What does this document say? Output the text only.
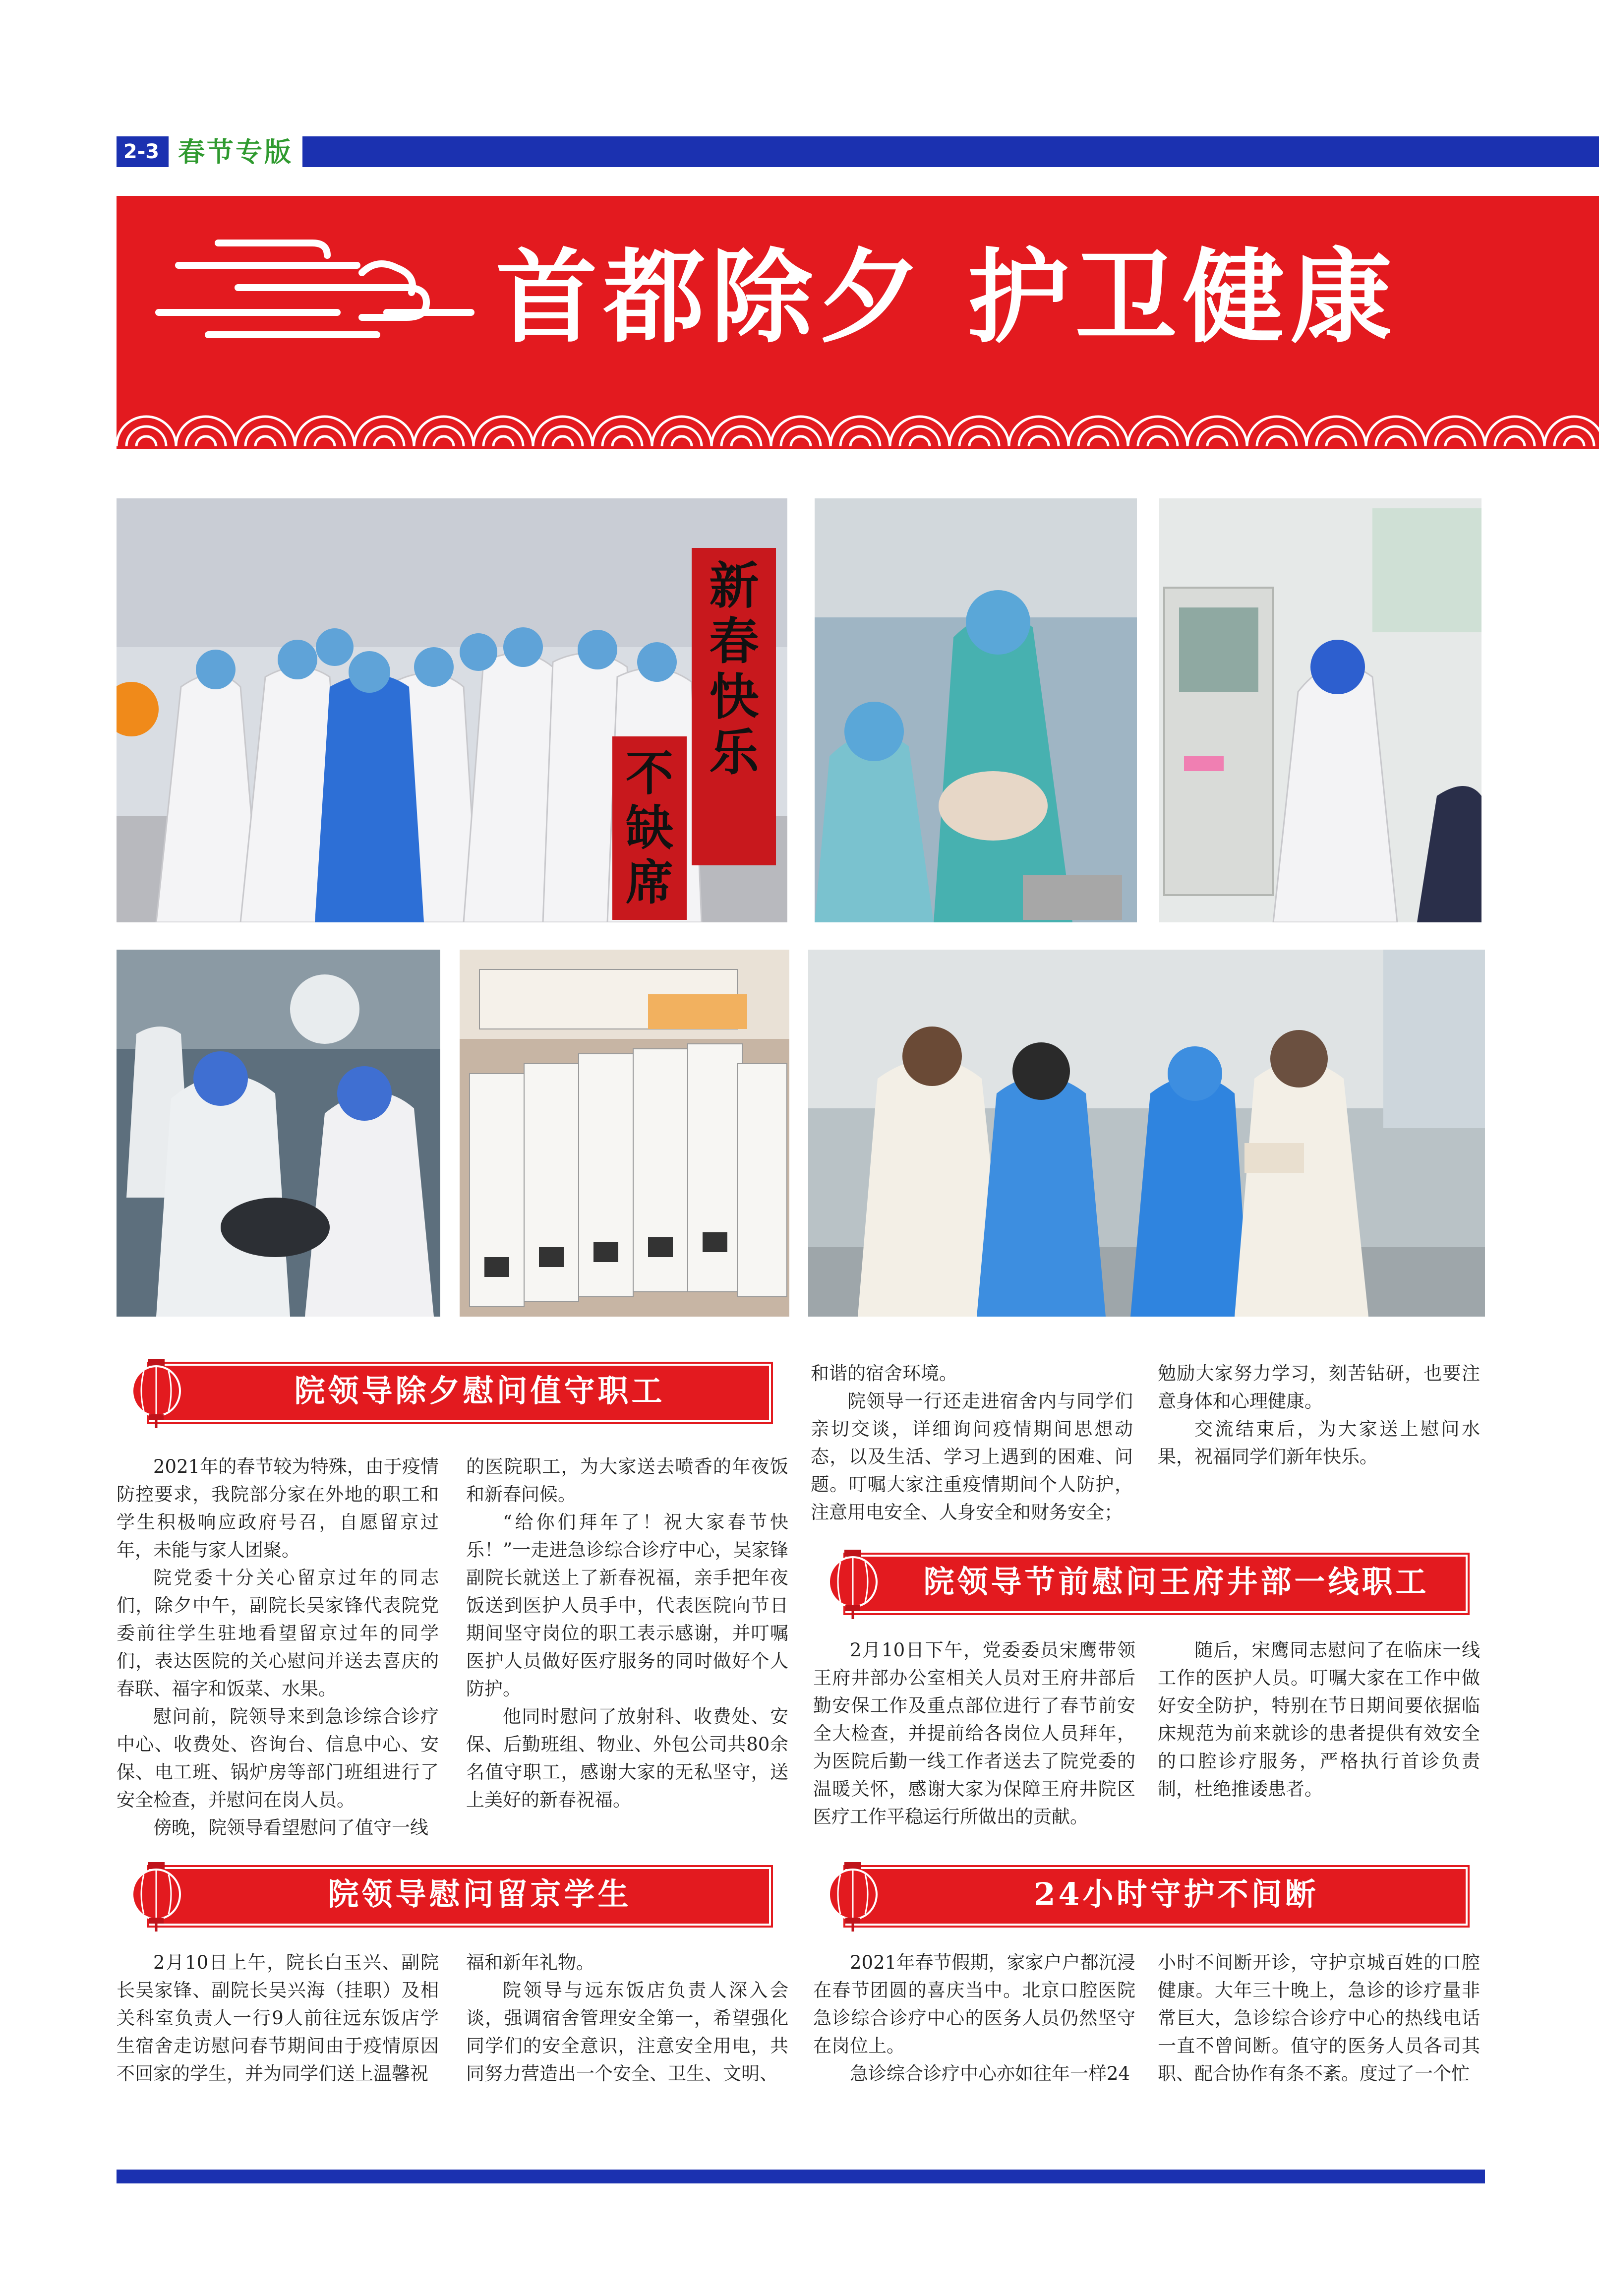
2-3 春节专版
首都除夕 护卫健康
新春快乐
不缺席
院领导除夕慰问值守职工

2021年的春节较为特殊，由于疫情防控要求，我院部分家在外地的职工和学生积极响应政府号召，自愿留京过年，未能与家人团聚。

院党委十分关心留京过年的同志们，除夕中午，副院长吴家锋代表院党委前往学生驻地看望留京过年的同学们，表达医院的关心慰问并送去喜庆的春联、福字和饭菜、水果。

慰问前，院领导来到急诊综合诊疗中心、收费处、咨询台、信息中心、安保、电工班、锅炉房等部门班组进行了安全检查，并慰问在岗人员。

傍晚，院领导看望慰问了值守一线

的医院职工，为大家送去喷香的年夜饭和新春问候。

“给你们拜年了！祝大家春节快乐！”一走进急诊综合诊疗中心，吴家锋副院长就送上了新春祝福，亲手把年夜饭送到医护人员手中，代表医院向节日期间坚守岗位的职工表示感谢，并叮嘱医护人员做好医疗服务的同时做好个人防护。

他同时慰问了放射科、收费处、安保、后勤班组、物业、外包公司共80余名值守职工，感谢大家的无私坚守，送上美好的新春祝福。

院领导慰问留京学生

2月10日上午，院长白玉兴、副院长吴家锋、副院长吴兴海（挂职）及相关科室负责人一行9人前往远东饭店学生宿舍走访慰问春节期间由于疫情原因不回家的学生，并为同学们送上温馨祝

福和新年礼物。

院领导与远东饭店负责人深入会谈，强调宿舍管理安全第一，希望强化同学们的安全意识，注意安全用电，共同努力营造出一个安全、卫生、文明、

和谐的宿舍环境。

院领导一行还走进宿舍内与同学们亲切交谈，详细询问疫情期间思想动态，以及生活、学习上遇到的困难、问题。叮嘱大家注重疫情期间个人防护，注意用电安全、人身安全和财务安全；

勉励大家努力学习，刻苦钻研，也要注意身体和心理健康。

交流结束后，为大家送上慰问水果，祝福同学们新年快乐。

院领导节前慰问王府井部一线职工

2月10日下午，党委委员宋鹰带领王府井部办公室相关人员对王府井部后勤安保工作及重点部位进行了春节前安全大检查，并提前给各岗位人员拜年，为医院后勤一线工作者送去了院党委的温暖关怀，感谢大家为保障王府井院区医疗工作平稳运行所做出的贡献。

随后，宋鹰同志慰问了在临床一线工作的医护人员。叮嘱大家在工作中做好安全防护，特别在节日期间要依据临床规范为前来就诊的患者提供有效安全的口腔诊疗服务，严格执行首诊负责制，杜绝推诿患者。

24小时守护不间断

2021年春节假期，家家户户都沉浸在春节团圆的喜庆当中。北京口腔医院急诊综合诊疗中心的医务人员仍然坚守在岗位上。

急诊综合诊疗中心亦如往年一样24

小时不间断开诊，守护京城百姓的口腔健康。大年三十晚上，急诊的诊疗量非常巨大，急诊综合诊疗中心的热线电话一直不曾间断。值守的医务人员各司其职、配合协作有条不紊。度过了一个忙
